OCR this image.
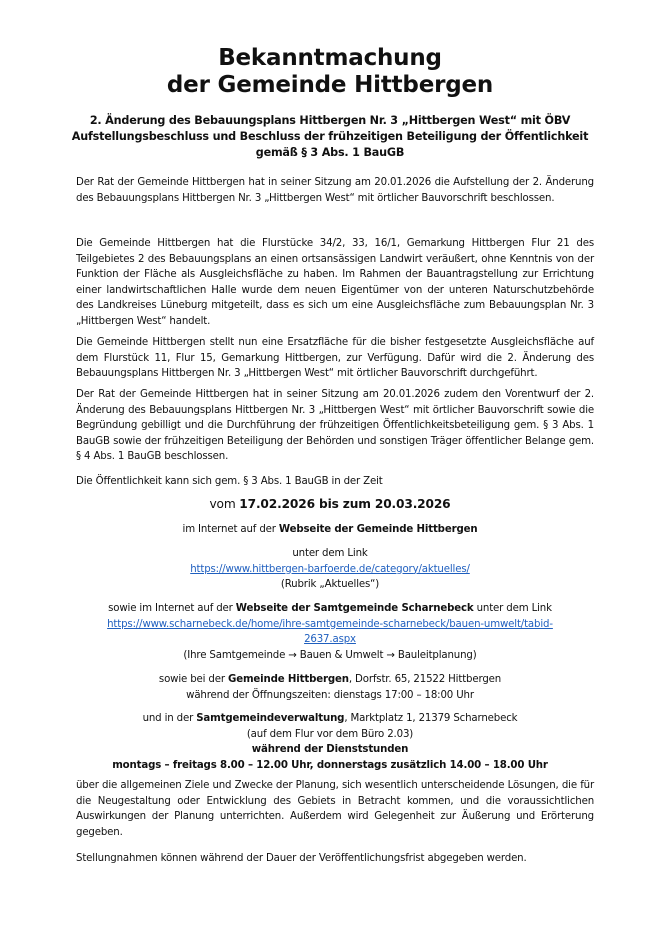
Bekanntmachung
der Gemeinde Hittbergen
2. Änderung des Bebauungsplans Hittbergen Nr. 3 „Hittbergen West“ mit ÖBV
Aufstellungsbeschluss und Beschluss der frühzeitigen Beteiligung der Öffentlichkeit
gemäß § 3 Abs. 1 BauGB
Der Rat der Gemeinde Hittbergen hat in seiner Sitzung am 20.01.2026 die Aufstellung der 2. Änderung des Bebauungsplans Hittbergen Nr. 3 „Hittbergen West“ mit örtlicher Bauvorschrift beschlossen.
Die Gemeinde Hittbergen hat die Flurstücke 34/2, 33, 16/1, Gemarkung Hittbergen Flur 21 des Teilgebietes 2 des Bebauungsplans an einen ortsansässigen Landwirt veräußert, ohne Kenntnis von der Funktion der Fläche als Ausgleichsfläche zu haben. Im Rahmen der Bauantragstellung zur Errichtung einer landwirtschaftlichen Halle wurde dem neuen Eigentümer von der unteren Naturschutzbehörde des Landkreises Lüneburg mitgeteilt, dass es sich um eine Ausgleichsfläche zum Bebauungsplan Nr. 3 „Hittbergen West“ handelt.
Die Gemeinde Hittbergen stellt nun eine Ersatzfläche für die bisher festgesetzte Ausgleichsfläche auf dem Flurstück 11, Flur 15, Gemarkung Hittbergen, zur Verfügung. Dafür wird die 2. Änderung des Bebauungsplans Hittbergen Nr. 3 „Hittbergen West“ mit örtlicher Bauvorschrift durchgeführt.
Der Rat der Gemeinde Hittbergen hat in seiner Sitzung am 20.01.2026 zudem den Vorentwurf der 2. Änderung des Bebauungsplans Hittbergen Nr. 3 „Hittbergen West“ mit örtlicher Bauvorschrift sowie die Begründung gebilligt und die Durchführung der frühzeitigen Öffentlichkeitsbeteiligung gem. § 3 Abs. 1 BauGB sowie der frühzeitigen Beteiligung der Behörden und sonstigen Träger öffentlicher Belange gem. § 4 Abs. 1 BauGB beschlossen.
Die Öffentlichkeit kann sich gem. § 3 Abs. 1 BauGB in der Zeit
vom 17.02.2026 bis zum 20.03.2026
im Internet auf der Webseite der Gemeinde Hittbergen
unter dem Link
https://www.hittbergen-barfoerde.de/category/aktuelles/
(Rubrik „Aktuelles“)
sowie im Internet auf der Webseite der Samtgemeinde Scharnebeck unter dem Link
https://www.scharnebeck.de/home/ihre-samtgemeinde-scharnebeck/bauen-umwelt/tabid-
2637.aspx
(Ihre Samtgemeinde → Bauen & Umwelt → Bauleitplanung)
sowie bei der Gemeinde Hittbergen, Dorfstr. 65, 21522 Hittbergen
während der Öffnungszeiten: dienstags 17:00 – 18:00 Uhr
und in der Samtgemeindeverwaltung, Marktplatz 1, 21379 Scharnebeck
(auf dem Flur vor dem Büro 2.03)
während der Dienststunden
montags – freitags 8.00 – 12.00 Uhr, donnerstags zusätzlich 14.00 – 18.00 Uhr
über die allgemeinen Ziele und Zwecke der Planung, sich wesentlich unterscheidende Lösungen, die für die Neugestaltung oder Entwicklung des Gebiets in Betracht kommen, und die voraussichtlichen Auswirkungen der Planung unterrichten. Außerdem wird Gelegenheit zur Äußerung und Erörterung gegeben.
Stellungnahmen können während der Dauer der Veröffentlichungsfrist abgegeben werden.
